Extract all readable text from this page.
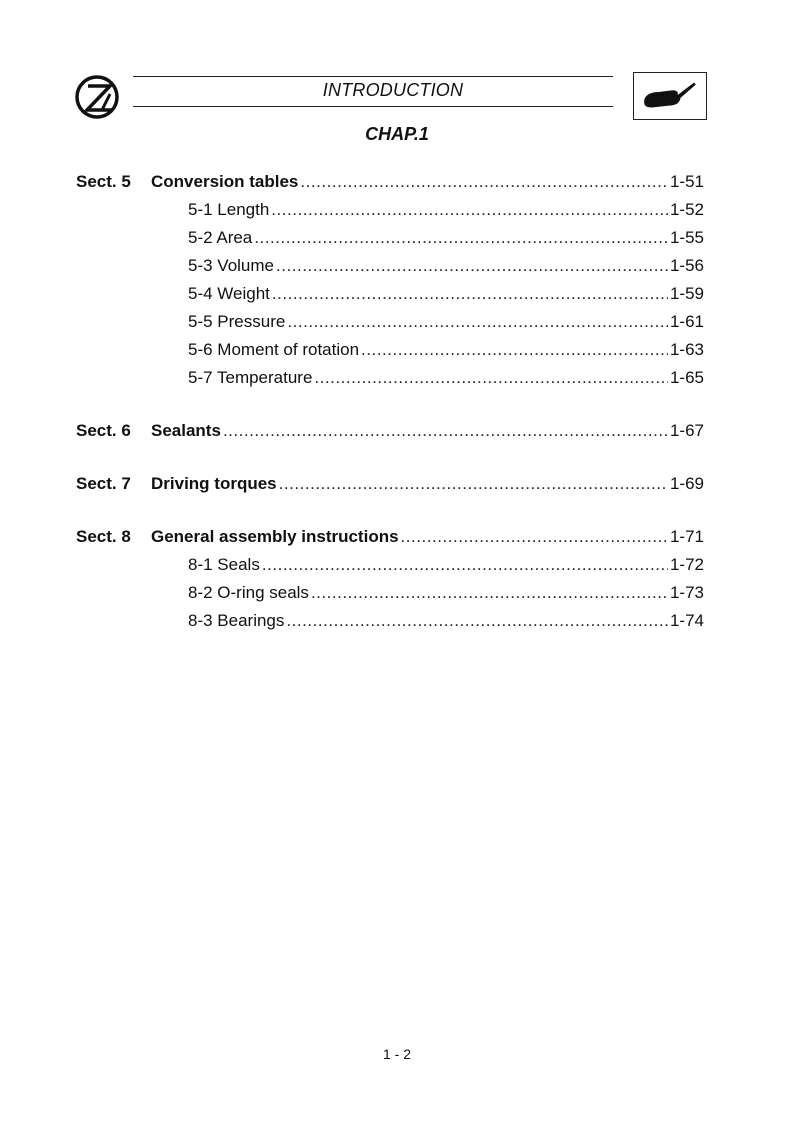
INTRODUCTION
CHAP.1
Sect. 5	Conversion tables . . .	1-51
5-1 Length . . .	1-52
5-2 Area . . .	1-55
5-3 Volume . . .	1-56
5-4 Weight . . .	1-59
5-5 Pressure . . .	1-61
5-6 Moment of rotation . . .	1-63
5-7 Temperature . . .	1-65
Sect. 6	Sealants . . .	1-67
Sect. 7	Driving torques . . .	1-69
Sect. 8	General assembly instructions . . .	1-71
8-1 Seals . . .	1-72
8-2 O-ring seals . . .	1-73
8-3 Bearings . . .	1-74
1 - 2
